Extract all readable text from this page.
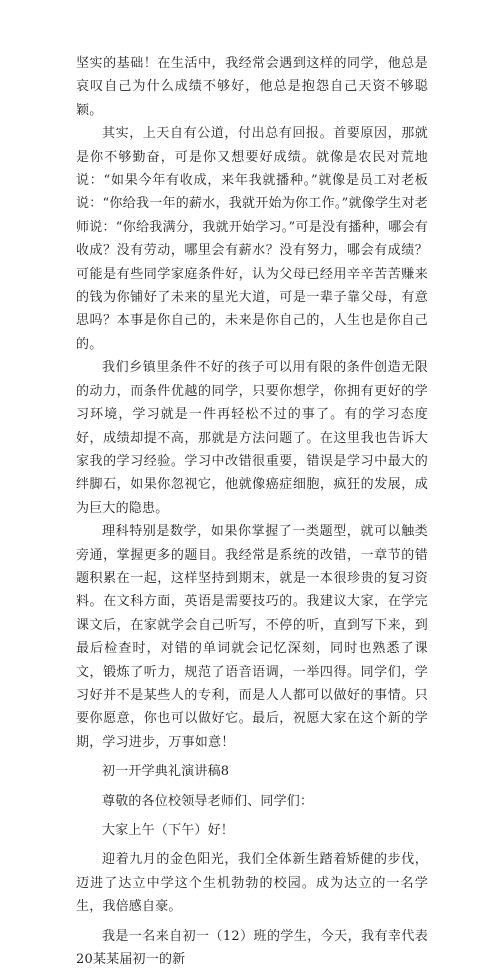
坚实的基础！在生活中，我经常会遇到这样的同学，他总是哀叹自己为什么成绩不够好，他总是抱怨自己天资不够聪颖。

其实，上天自有公道，付出总有回报。首要原因，那就是你不够勤奋，可是你又想要好成绩。就像是农民对荒地说：“如果今年有收成，来年我就播种。”就像是员工对老板说：“你给我一年的薪水，我就开始为你工作。”就像学生对老师说：“你给我满分，我就开始学习。”可是没有播种，哪会有收成？没有劳动，哪里会有薪水？没有努力，哪会有成绩？可能是有些同学家庭条件好，认为父母已经用辛辛苦苦赚来的钱为你铺好了未来的星光大道，可是一辈子靠父母，有意思吗？本事是你自己的，未来是你自己的，人生也是你自己的。

我们乡镇里条件不好的孩子可以用有限的条件创造无限的动力，而条件优越的同学，只要你想学，你拥有更好的学习环境，学习就是一件再轻松不过的事了。有的学习态度好，成绩却提不高，那就是方法问题了。在这里我也告诉大家我的学习经验。学习中改错很重要，错误是学习中最大的绊脚石，如果你忽视它，他就像癌症细胞，疯狂的发展，成为巨大的隐患。

理科特别是数学，如果你掌握了一类题型，就可以触类旁通，掌握更多的题目。我经常是系统的改错，一章节的错题积累在一起，这样坚持到期末，就是一本很珍贵的复习资料。在文科方面，英语是需要技巧的。我建议大家，在学完课文后，在家就学会自己听写，不停的听，直到写下来，到最后检查时，对错的单词就会记忆深刻，同时也熟悉了课文，锻炼了听力，规范了语音语调，一举四得。同学们，学习好并不是某些人的专利，而是人人都可以做好的事情。只要你愿意，你也可以做好它。最后，祝愿大家在这个新的学期，学习进步，万事如意！

初一开学典礼演讲稿8

尊敬的各位校领导老师们、同学们：

大家上午（下午）好！

迎着九月的金色阳光，我们全体新生踏着矫健的步伐，迈进了达立中学这个生机勃勃的校园。成为达立的一名学生，我倍感自豪。

我是一名来自初一（12）班的学生，今天，我有幸代表20某某届初一的新
